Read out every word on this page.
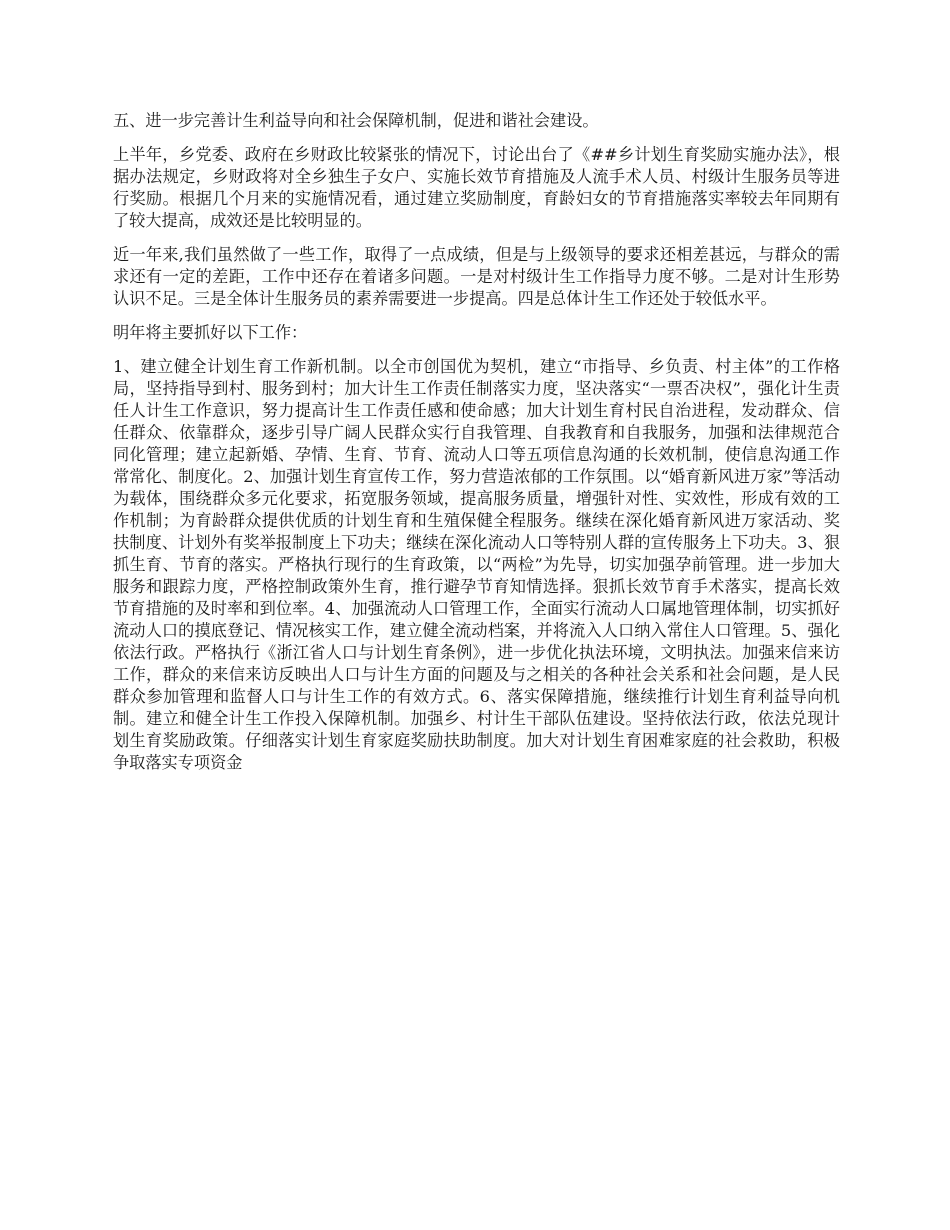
五、进一步完善计生利益导向和社会保障机制，促进和谐社会建设。

上半年，乡党委、政府在乡财政比较紧张的情况下，讨论出台了《##乡计划生育奖励实施办法》，根据办法规定，乡财政将对全乡独生子女户、实施长效节育措施及人流手术人员、村级计生服务员等进行奖励。根据几个月来的实施情况看，通过建立奖励制度，育龄妇女的节育措施落实率较去年同期有了较大提高，成效还是比较明显的。

近一年来,我们虽然做了一些工作，取得了一点成绩，但是与上级领导的要求还相差甚远，与群众的需求还有一定的差距，工作中还存在着诸多问题。一是对村级计生工作指导力度不够。二是对计生形势认识不足。三是全体计生服务员的素养需要进一步提高。四是总体计生工作还处于较低水平。

明年将主要抓好以下工作：

1、建立健全计划生育工作新机制。以全市创国优为契机，建立“市指导、乡负责、村主体”的工作格局，坚持指导到村、服务到村；加大计生工作责任制落实力度，坚决落实“一票否决权”，强化计生责任人计生工作意识，努力提高计生工作责任感和使命感；加大计划生育村民自治进程，发动群众、信任群众、依靠群众，逐步引导广阔人民群众实行自我管理、自我教育和自我服务，加强和法律规范合同化管理；建立起新婚、孕情、生育、节育、流动人口等五项信息沟通的长效机制，使信息沟通工作常常化、制度化。2、加强计划生育宣传工作，努力营造浓郁的工作氛围。以“婚育新风进万家”等活动为载体，围绕群众多元化要求，拓宽服务领域，提高服务质量，增强针对性、实效性，形成有效的工作机制；为育龄群众提供优质的计划生育和生殖保健全程服务。继续在深化婚育新风进万家活动、奖扶制度、计划外有奖举报制度上下功夫；继续在深化流动人口等特别人群的宣传服务上下功夫。3、狠抓生育、节育的落实。严格执行现行的生育政策，以“两检”为先导，切实加强孕前管理。进一步加大服务和跟踪力度，严格控制政策外生育，推行避孕节育知情选择。狠抓长效节育手术落实，提高长效节育措施的及时率和到位率。4、加强流动人口管理工作，全面实行流动人口属地管理体制，切实抓好流动人口的摸底登记、情况核实工作，建立健全流动档案，并将流入人口纳入常住人口管理。5、强化依法行政。严格执行《浙江省人口与计划生育条例》，进一步优化执法环境，文明执法。加强来信来访工作，群众的来信来访反映出人口与计生方面的问题及与之相关的各种社会关系和社会问题，是人民群众参加管理和监督人口与计生工作的有效方式。6、落实保障措施，继续推行计划生育利益导向机制。建立和健全计生工作投入保障机制。加强乡、村计生干部队伍建设。坚持依法行政，依法兑现计划生育奖励政策。仔细落实计划生育家庭奖励扶助制度。加大对计划生育困难家庭的社会救助，积极争取落实专项资金
